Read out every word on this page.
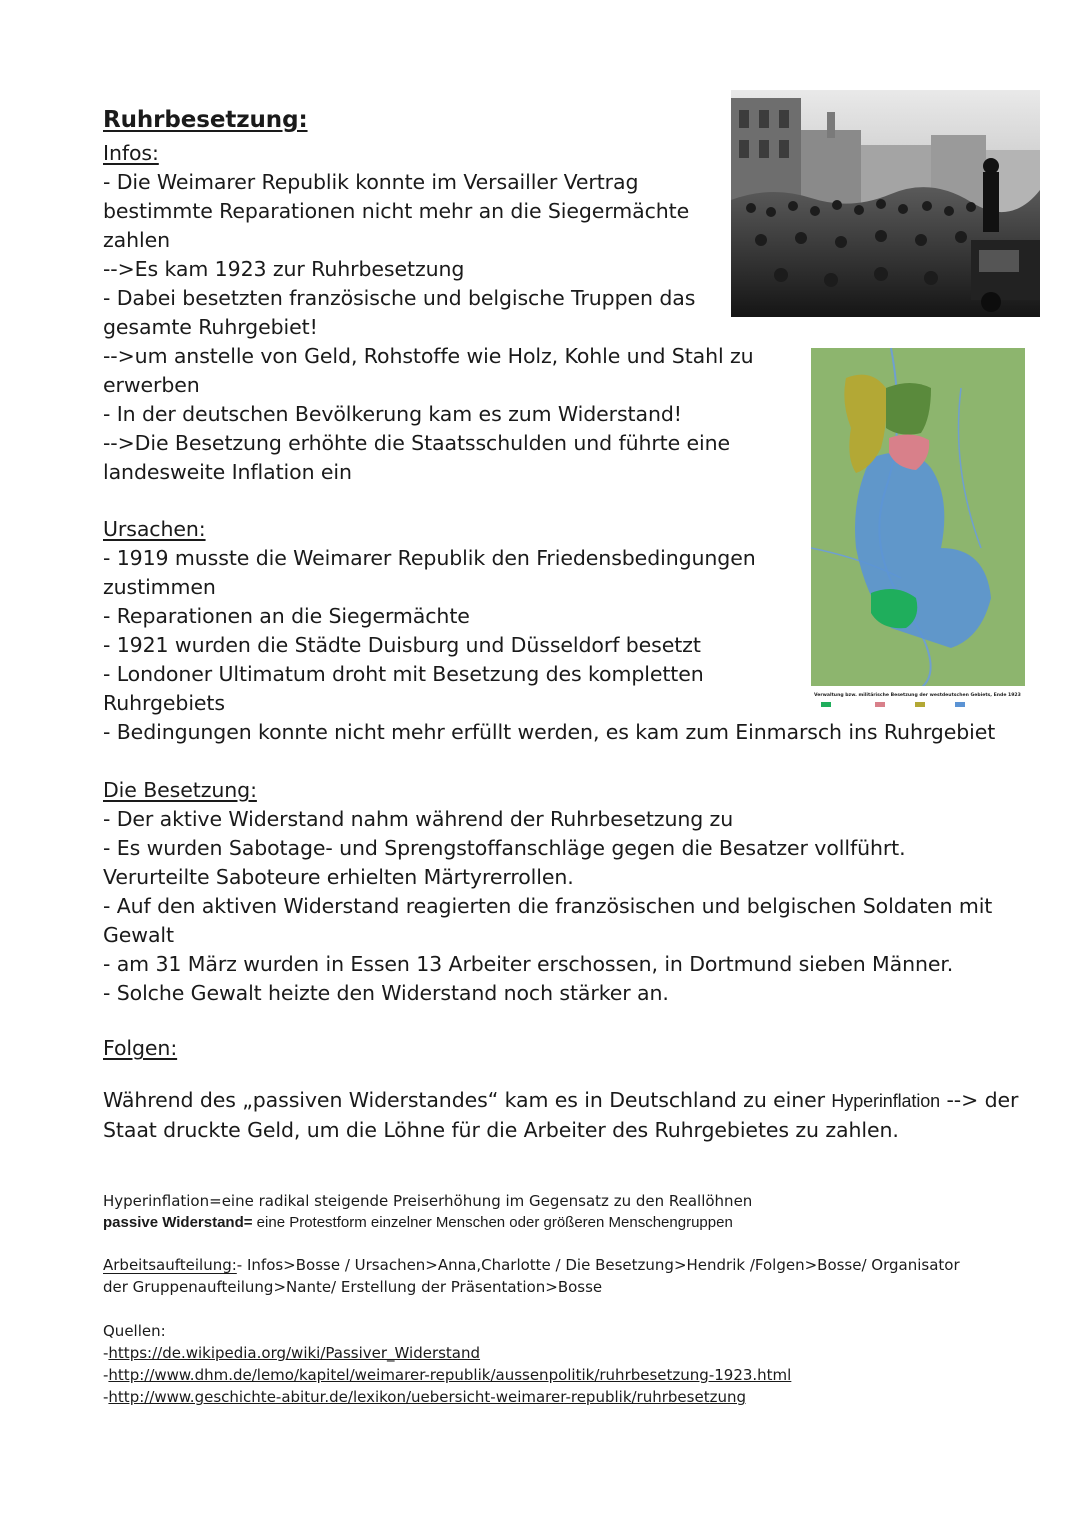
Ruhrbesetzung:
Infos:
- Die Weimarer Republik konnte im Versailler Vertrag
bestimmte Reparationen nicht mehr an die Siegermächte
zahlen
-->Es kam 1923 zur Ruhrbesetzung
- Dabei besetzten französische und belgische Truppen das
gesamte Ruhrgebiet!
-->um anstelle von Geld, Rohstoffe wie Holz, Kohle und Stahl zu
erwerben
- In der deutschen Bevölkerung kam es zum Widerstand!
-->Die Besetzung erhöhte die Staatsschulden und führte eine
landesweite Inflation ein
Ursachen:
- 1919 musste die Weimarer Republik den Friedensbedingungen
zustimmen
- Reparationen an die Siegermächte
- 1921 wurden die Städte Duisburg und Düsseldorf besetzt
- Londoner Ultimatum droht mit Besetzung des kompletten
Ruhrgebiets
- Bedingungen konnte nicht mehr erfüllt werden, es kam zum Einmarsch ins Ruhrgebiet
Die Besetzung:
- Der aktive Widerstand nahm während der Ruhrbesetzung zu
- Es wurden Sabotage- und Sprengstoffanschläge gegen die Besatzer vollführt.
Verurteilte Saboteure erhielten Märtyrerrollen.
- Auf den aktiven Widerstand reagierten die französischen und belgischen Soldaten mit
Gewalt
- am 31 März wurden in Essen 13 Arbeiter erschossen, in Dortmund sieben Männer.
- Solche Gewalt heizte den Widerstand noch stärker an.
Folgen:
Während des „passiven Widerstandes“ kam es in Deutschland zu einer Hyperinflation --> der
Staat druckte Geld, um die Löhne für die Arbeiter des Ruhrgebietes zu zahlen.
Hyperinflation=eine radikal steigende Preiserhöhung im Gegensatz zu den Reallöhnen
passive Widerstand= eine Protestform einzelner Menschen oder größeren Menschengruppen
Arbeitsaufteilung:- Infos>Bosse / Ursachen>Anna,Charlotte / Die Besetzung>Hendrik /Folgen>Bosse/ Organisator
der Gruppenaufteilung>Nante/ Erstellung der Präsentation>Bosse
Quellen:
-https://de.wikipedia.org/wiki/Passiver_Widerstand
-http://www.dhm.de/lemo/kapitel/weimarer-republik/aussenpolitik/ruhrbesetzung-1923.html
-http://www.geschichte-abitur.de/lexikon/uebersicht-weimarer-republik/ruhrbesetzung
Verwaltung bzw. militärische Besetzung der westdeutschen Gebiets, Ende 1923
